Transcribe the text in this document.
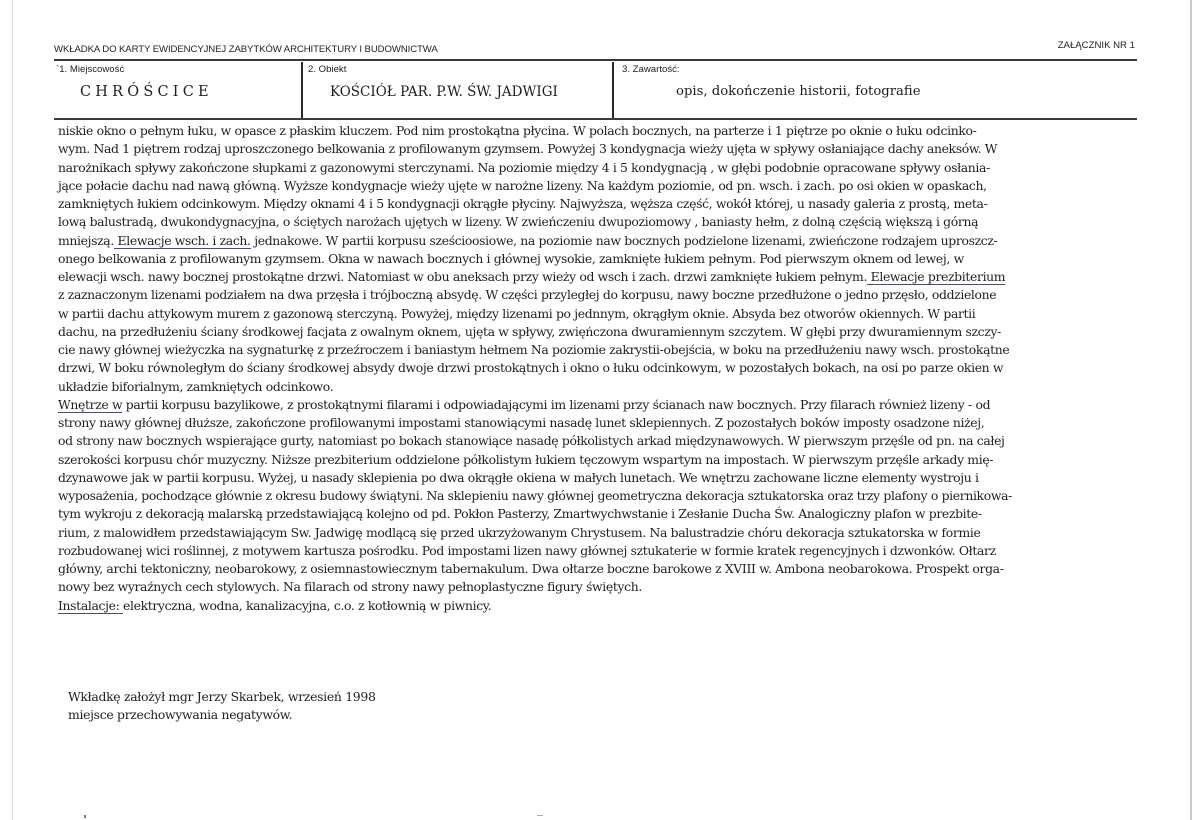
WKŁADKA DO KARTY EWIDENCYJNEJ ZABYTKÓW ARCHITEKTURY I BUDOWNICTWA	ZAŁĄCZNIK NR 1
`1. Miejscowość
CHRÓŚCICE
2. Obiekt
KOŚCIÓŁ PAR. P.W. ŚW. JADWIGI
3. Zawartość:
opis, dokończenie historii, fotografie
niskie okno o pełnym łuku, w opasce z płaskim kluczem. Pod nim prostokątna płycina. W polach bocznych, na parterze i 1 piętrze po oknie o łuku odcinko-
wym. Nad 1 piętrem rodzaj uproszczonego belkowania z profilowanym gzymsem. Powyżej 3 kondygnacja wieży ujęta w spływy osłaniające dachy aneksów. W
narożnikach spływy zakończone słupkami z gazonowymi sterczynami. Na poziomie między 4 i 5 kondygnacją , w głębi podobnie opracowane spływy osłania-
jące połacie dachu nad nawą główną. Wyższe kondygnacje wieży ujęte w narożne lizeny. Na każdym poziomie, od pn. wsch. i zach. po osi okien w opaskach,
zamkniętych łukiem odcinkowym. Między oknami 4 i 5 kondygnacji okrągłe płyciny. Najwyższa, węższa część, wokół której, u nasady galeria z prostą, meta-
lową balustradą, dwukondygnacyjna, o ściętych narożach ujętych w lizeny. W zwieńczeniu dwupoziomowy , baniasty hełm, z dolną częścią większą i górną
mniejszą. Elewacje wsch. i zach. jednakowe. W partii korpusu sześcioosiowe, na poziomie naw bocznych podzielone lizenami, zwieńczone rodzajem uproszcz-
onego belkowania z profilowanym gzymsem. Okna w nawach bocznych i głównej wysokie, zamknięte łukiem pełnym. Pod pierwszym oknem od lewej, w
elewacji wsch. nawy bocznej prostokątne drzwi. Natomiast w obu aneksach przy wieży od wsch i zach. drzwi zamknięte łukiem pełnym. Elewacje prezbiterium
z zaznaczonym lizenami podziałem na dwa przęsła i trójboczną absydę. W części przyległej do korpusu, nawy boczne przedłużone o jedno przęsło, oddzielone
w partii dachu attykowym murem z gazonową sterczyną. Powyżej, między lizenami po jednnym, okrągłym oknie. Absyda bez otworów okiennych. W partii
dachu, na przedłużeniu ściany środkowej facjata z owalnym oknem, ujęta w spływy, zwięńczona dwuramiennym szczytem. W głębi przy dwuramiennym szczy-
cie nawy głównej wieżyczka na sygnaturkę z przeźroczem i baniastym hełmem Na poziomie zakrystii-obejścia, w boku na przedłużeniu nawy wsch. prostokątne
drzwi, W boku równoległym do ściany środkowej absydy dwoje drzwi prostokątnych i okno o łuku odcinkowym, w pozostałych bokach, na osi po parze okien w
układzie biforialnym, zamkniętych odcinkowo.
Wnętrze w partii korpusu bazylikowe, z prostokątnymi filarami i odpowiadającymi im lizenami przy ścianach naw bocznych. Przy filarach również lizeny - od
strony nawy głównej dłuższe, zakończone profilowanymi impostami stanowiącymi nasadę lunet sklepiennych. Z pozostałych boków imposty osadzone niżej,
od strony naw bocznych wspierające gurty, natomiast po bokach stanowiące nasadę półkolistych arkad międzynawowych. W pierwszym przęśle od pn. na całej
szerokości korpusu chór muzyczny. Niższe prezbiterium oddzielone półkolistym łukiem tęczowym wspartym na impostach. W pierwszym przęśle arkady mię-
dzynawowe jak w partii korpusu. Wyżej, u nasady sklepienia po dwa okrągłe okiena w małych lunetach. We wnętrzu zachowane liczne elementy wystroju i
wyposażenia, pochodzące głównie z okresu budowy świątyni. Na sklepieniu nawy głównej geometryczna dekoracja sztukatorska oraz trzy plafony o piernikowa-
tym wykroju z dekoracją malarską przedstawiającą kolejno od pd. Pokłon Pasterzy, Zmartwychwstanie i Zesłanie Ducha Św. Analogiczny plafon w prezbite-
rium, z malowidłem przedstawiającym Sw. Jadwigę modlącą się przed ukrzyżowanym Chrystusem. Na balustradzie chóru dekoracja sztukatorska w formie
rozbudowanej wici roślinnej, z motywem kartusza pośrodku. Pod impostami lizen nawy głównej sztukaterie w formie kratek regencyjnych i dzwonków. Ołtarz
główny, archi tektoniczny, neobarokowy, z osiemnastowiecznym tabernakulum. Dwa ołtarze boczne barokowe z XVIII w. Ambona neobarokowa. Prospekt orga-
nowy bez wyraźnych cech stylowych. Na filarach od strony nawy pełnoplastyczne figury świętych.
Instalacje: elektryczna, wodna, kanalizacyjna, c.o. z kotłownią w piwnicy.
Wkładkę założył mgr Jerzy Skarbek, wrzesień 1998
miejsce przechowywania negatywów.
